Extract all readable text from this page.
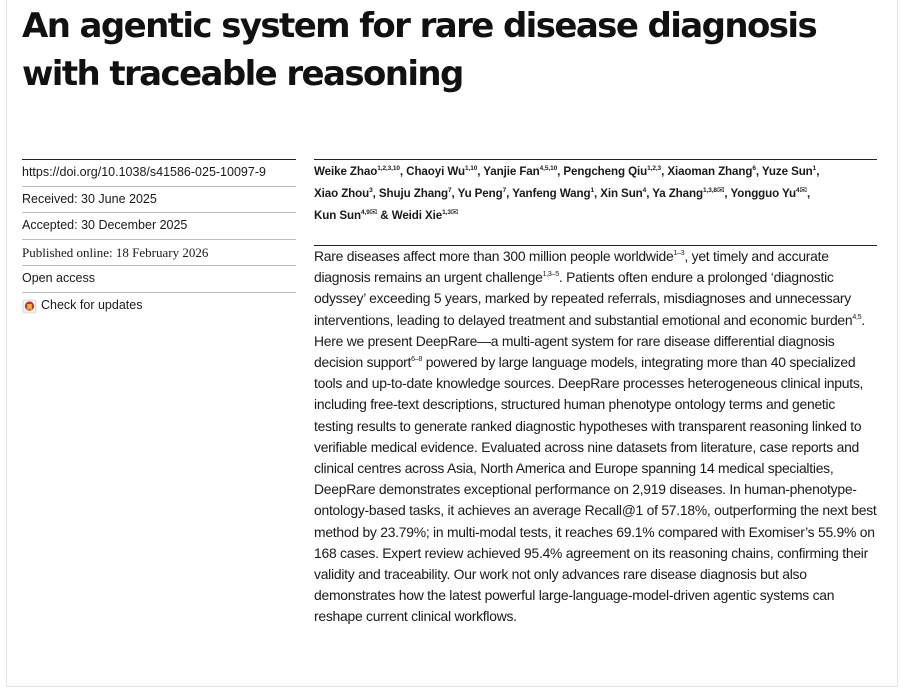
An agentic system for rare disease diagnosis with traceable reasoning
https://doi.org/10.1038/s41586-025-10097-9
Received: 30 June 2025
Accepted: 30 December 2025
Published online: 18 February 2026
Open access
Check for updates
Weike Zhao$^{1,2,3,10}$, Chaoyi Wu$^{1,10}$, Yanjie Fan$^{4,5,10}$, Pengcheng Qiu$^{1,2,3}$, Xiaoman Zhang$^6$, Yuze Sun$^1$, Xiao Zhou$^3$, Shuju Zhang$^7$, Yu Peng$^7$, Yanfeng Wang$^1$, Xin Sun$^4$, Ya Zhang$^{1,3,8✉}$, Yongguo $Yu^{4✉}$, Kun Sun$^{4,9✉}$ & Weidi Xie$^{1,3✉}$

Rare diseases affect more than 300 million people worldwide$^{1-3}$, yet timely and accurate diagnosis remains an urgent challenge$^{1,3-5}$. Patients often endure a prolonged ‘diagnostic odyssey’ exceeding 5 years, marked by repeated referrals, misdiagnoses and unnecessary interventions, leading to delayed treatment and substantial emotional and economic burden$^{4,5}$. Here we present DeepRare—a multi-agent system for rare disease differential diagnosis decision support$^{6-8}$ powered by large language models, integrating more than 40 specialized tools and up-to-date knowledge sources. DeepRare processes heterogeneous clinical inputs, including free-text descriptions, structured human phenotype ontology terms and genetic testing results to generate ranked diagnostic hypotheses with transparent reasoning linked to verifiable medical evidence. Evaluated across nine datasets from literature, case reports and clinical centres across Asia, North America and Europe spanning 14 medical specialties, DeepRare demonstrates exceptional performance on 2,919 diseases. In human-phenotype-ontology-based tasks, it achieves an average Recall@1 of 57.18%, outperforming the next best method by 23.79%; in multi-modal tests, it reaches 69.1% compared with Exomiser’s 55.9% on 168 cases. Expert review achieved 95.4% agreement on its reasoning chains, confirming their validity and traceability. Our work not only advances rare disease diagnosis but also demonstrates how the latest powerful large-language-model-driven agentic systems can reshape current clinical workflows.
